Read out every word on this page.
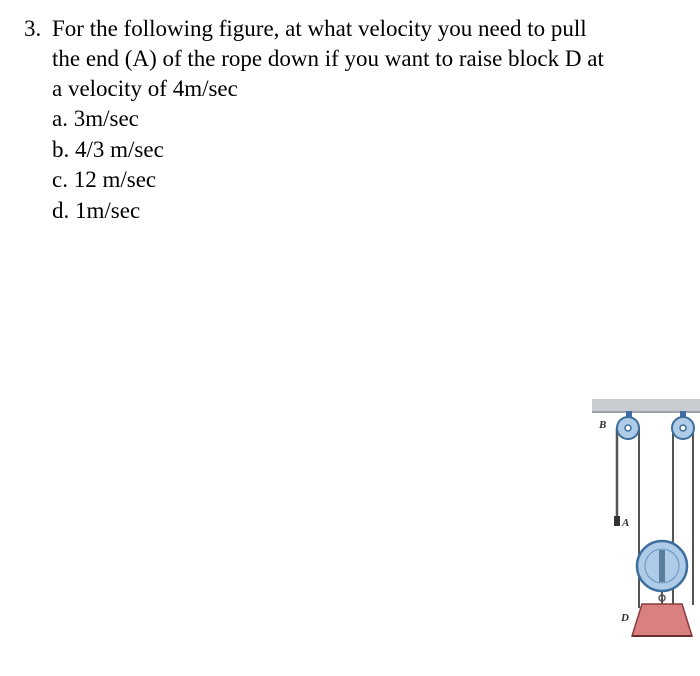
3. For the following figure, at what velocity you need to pull
the end (A) of the rope down if you want to raise block D at
a velocity of 4m/sec
a. 3m/sec
b. 4/3 m/sec
c. 12 m/sec
d. 1m/sec
B
A
D
